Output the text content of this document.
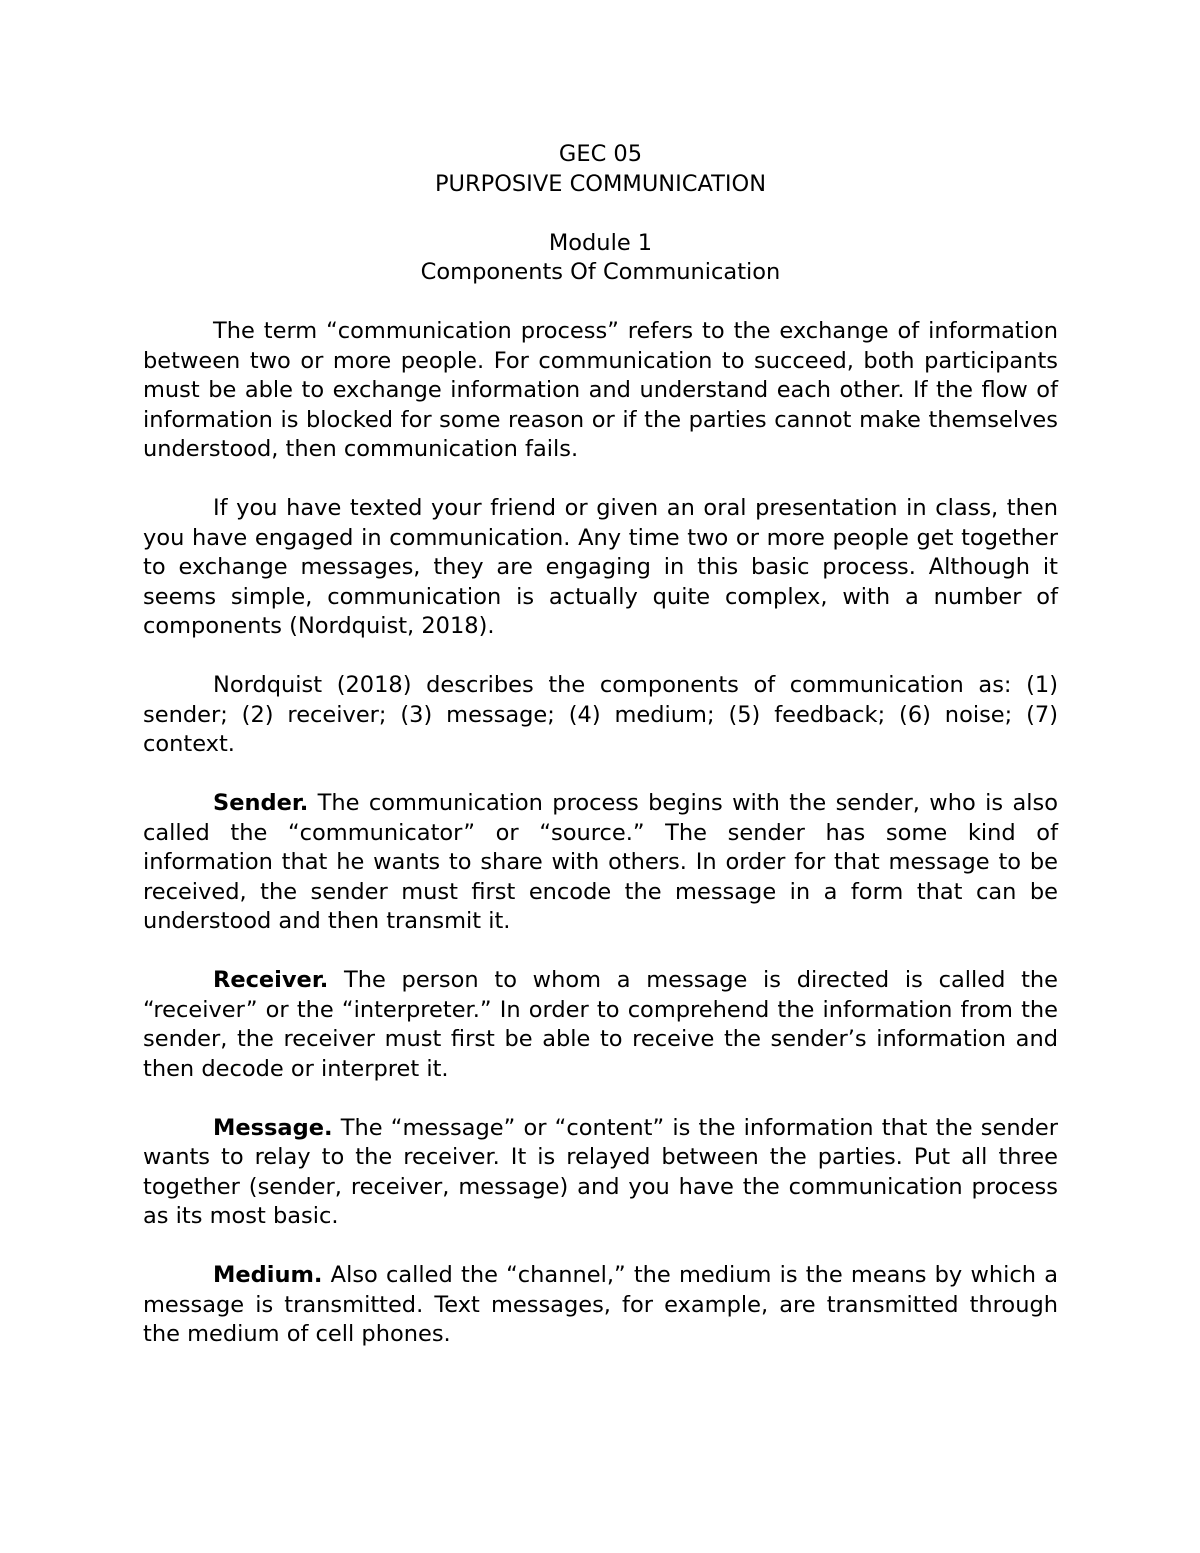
GEC 05

PURPOSIVE COMMUNICATION

Module 1

Components Of Communication

The term “communication process” refers to the exchange of information between two or more people. For communication to succeed, both participants must be able to exchange information and understand each other. If the flow of information is blocked for some reason or if the parties cannot make themselves understood, then communication fails.

If you have texted your friend or given an oral presentation in class, then you have engaged in communication. Any time two or more people get together to exchange messages, they are engaging in this basic process. Although it seems simple, communication is actually quite complex, with a number of components (Nordquist, 2018).

Nordquist (2018) describes the components of communication as: (1) sender; (2) receiver; (3) message; (4) medium; (5) feedback; (6) noise; (7) context.

Sender. The communication process begins with the sender, who is also called the “communicator” or “source.” The sender has some kind of information that he wants to share with others. In order for that message to be received, the sender must first encode the message in a form that can be understood and then transmit it.

Receiver. The person to whom a message is directed is called the “receiver” or the “interpreter.” In order to comprehend the information from the sender, the receiver must first be able to receive the sender’s information and then decode or interpret it.

Message. The “message” or “content” is the information that the sender wants to relay to the receiver. It is relayed between the parties. Put all three together (sender, receiver, message) and you have the communication process as its most basic.

Medium. Also called the “channel,” the medium is the means by which a message is transmitted. Text messages, for example, are transmitted through the medium of cell phones.
